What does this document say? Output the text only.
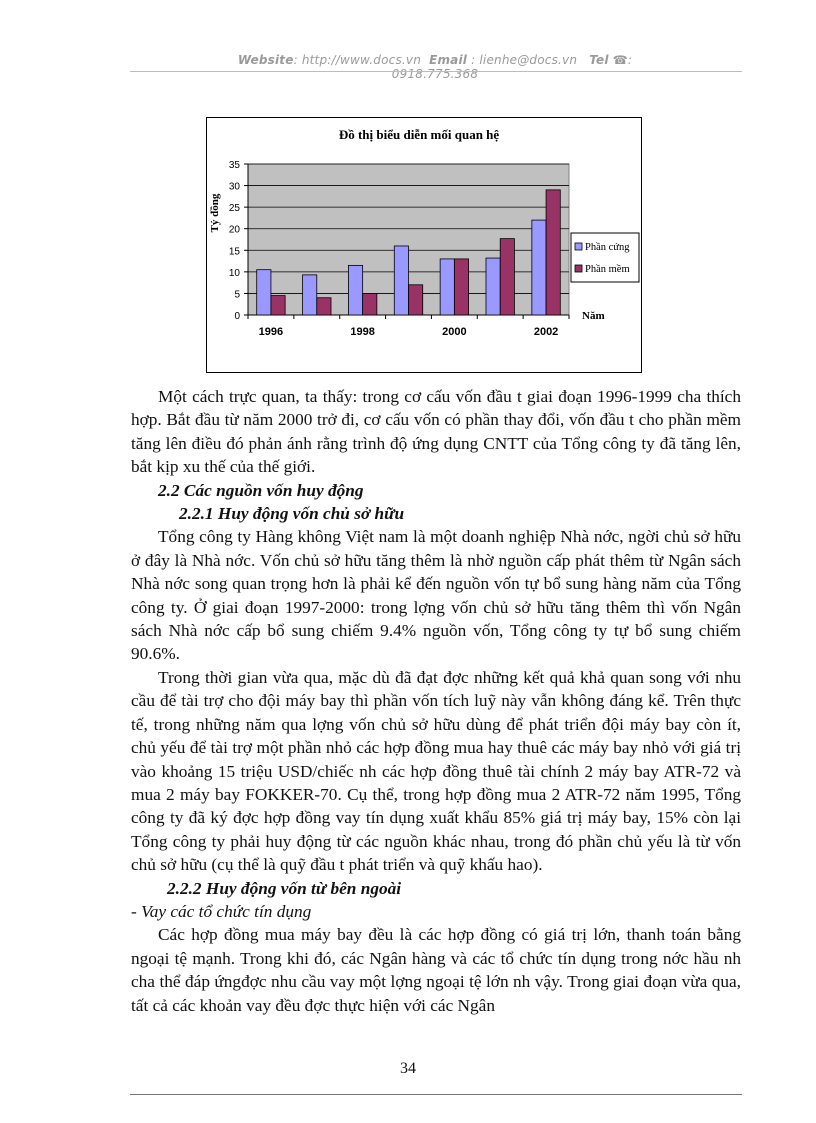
Website: http://www.docs.vn Email : lienhe@docs.vn Tel ☎: 0918.775.368
Đồ thị biểu diễn mối quan hệ
Tỷ đồng
Năm
0
5
10
15
20
25
30
35
1996	1998	2000	2002
Phần cứng
Phần mềm

Một cách trực quan, ta thấy: trong cơ cấu vốn đầu t giai đoạn 1996-1999 cha thích hợp. Bắt đầu từ năm 2000 trở đi, cơ cấu vốn có phần thay đổi, vốn đầu t cho phần mềm tăng lên điều đó phản ánh rằng trình độ ứng dụng CNTT của Tổng công ty đã tăng lên, bắt kịp xu thế của thế giới.

2.2 Các nguồn vốn huy động

2.2.1 Huy động vốn chủ sở hữu

Tổng công ty Hàng không Việt nam là một doanh nghiệp Nhà nớc, ngời chủ sở hữu ở đây là Nhà nớc. Vốn chủ sở hữu tăng thêm là nhờ nguồn cấp phát thêm từ Ngân sách Nhà nớc song quan trọng hơn là phải kể đến nguồn vốn tự bổ sung hàng năm của Tổng công ty. Ở giai đoạn 1997-2000: trong lợng vốn chủ sở hữu tăng thêm thì vốn Ngân sách Nhà nớc cấp bổ sung chiếm 9.4% nguồn vốn, Tổng công ty tự bổ sung chiếm 90.6%.

Trong thời gian vừa qua, mặc dù đã đạt đợc những kết quả khả quan song với nhu cầu để tài trợ cho đội máy bay thì phần vốn tích luỹ này vẫn không đáng kể. Trên thực tế, trong những năm qua lợng vốn chủ sở hữu dùng để phát triển đội máy bay còn ít, chủ yếu để tài trợ một phần nhỏ các hợp đồng mua hay thuê các máy bay nhỏ với giá trị vào khoảng 15 triệu USD/chiếc nh các hợp đồng thuê tài chính 2 máy bay ATR-72 và mua 2 máy bay FOKKER-70. Cụ thể, trong hợp đồng mua 2 ATR-72 năm 1995, Tổng công ty đã ký đợc hợp đồng vay tín dụng xuất khẩu 85% giá trị máy bay, 15% còn lại Tổng công ty phải huy động từ các nguồn khác nhau, trong đó phần chủ yếu là từ vốn chủ sở hữu (cụ thể là quỹ đầu t phát triển và quỹ khấu hao).

2.2.2 Huy động vốn từ bên ngoài

- Vay các tổ chức tín dụng

Các hợp đồng mua máy bay đều là các hợp đồng có giá trị lớn, thanh toán bằng ngoại tệ mạnh. Trong khi đó, các Ngân hàng và các tổ chức tín dụng trong nớc hầu nh cha thể đáp ứngđợc nhu cầu vay một lợng ngoại tệ lớn nh vậy. Trong giai đoạn vừa qua, tất cả các khoản vay đều đợc thực hiện với các Ngân

34
